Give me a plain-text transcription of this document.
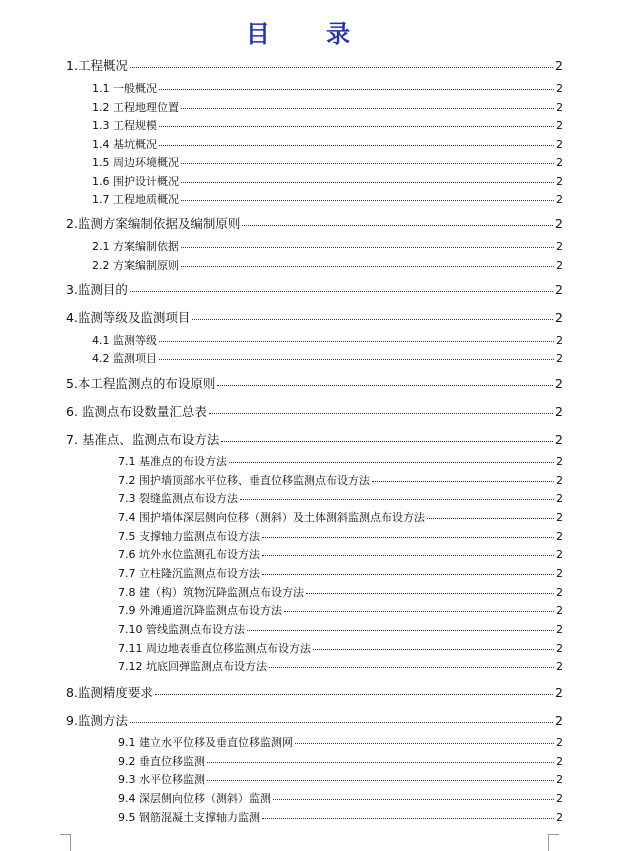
目 录
1.工程概况	2
1.1 一般概况	2
1.2 工程地理位置	2
1.3 工程规模	2
1.4 基坑概况	2
1.5 周边环境概况	2
1.6 围护设计概况	2
1.7 工程地质概况	2
2.监测方案编制依据及编制原则	2
2.1 方案编制依据	2
2.2 方案编制原则	2
3.监测目的	2
4.监测等级及监测项目	2
4.1 监测等级	2
4.2 监测项目	2
5.本工程监测点的布设原则	2
6. 监测点布设数量汇总表	2
7. 基准点、监测点布设方法	2
7.1 基准点的布设方法	2
7.2 围护墙顶部水平位移、垂直位移监测点布设方法	2
7.3 裂缝监测点布设方法	2
7.4 围护墙体深层侧向位移（测斜）及土体测斜监测点布设方法	2
7.5 支撑轴力监测点布设方法	2
7.6 坑外水位监测孔布设方法	2
7.7 立柱隆沉监测点布设方法	2
7.8 建（构）筑物沉降监测点布设方法	2
7.9 外滩通道沉降监测点布设方法	2
7.10 管线监测点布设方法	2
7.11 周边地表垂直位移监测点布设方法	2
7.12 坑底回弹监测点布设方法	2
8.监测精度要求	2
9.监测方法	2
9.1 建立水平位移及垂直位移监测网	2
9.2 垂直位移监测	2
9.3 水平位移监测	2
9.4 深层侧向位移（测斜）监测	2
9.5 钢筋混凝土支撑轴力监测	2
